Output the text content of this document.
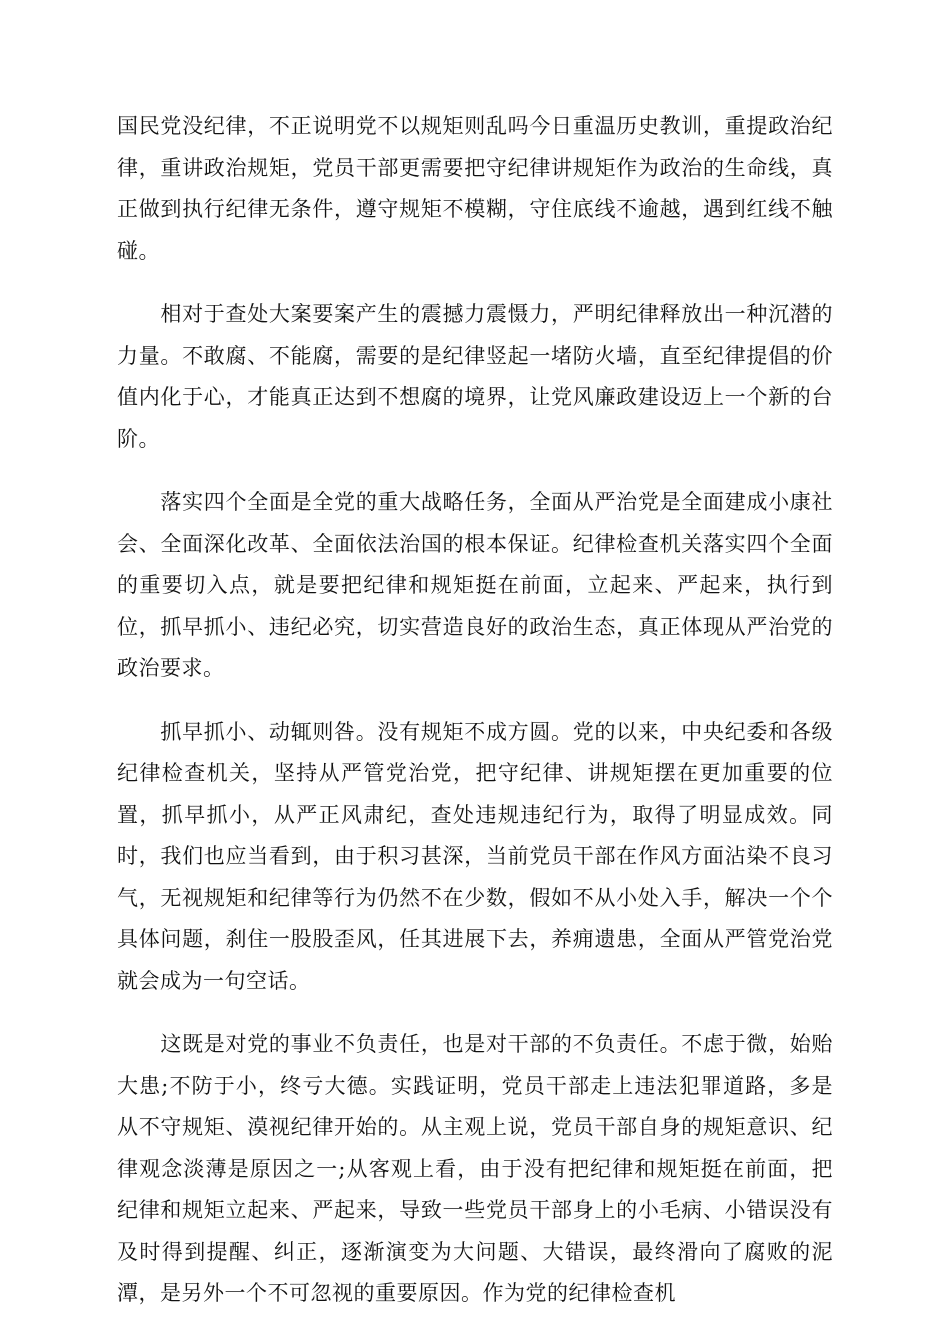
国民党没纪律，不正说明党不以规矩则乱吗今日重温历史教训，重提政治纪律，重讲政治规矩，党员干部更需要把守纪律讲规矩作为政治的生命线，真正做到执行纪律无条件，遵守规矩不模糊，守住底线不逾越，遇到红线不触碰。

　　相对于查处大案要案产生的震撼力震慑力，严明纪律释放出一种沉潜的力量。不敢腐、不能腐，需要的是纪律竖起一堵防火墙，直至纪律提倡的价值内化于心，才能真正达到不想腐的境界，让党风廉政建设迈上一个新的台阶。

　　落实四个全面是全党的重大战略任务，全面从严治党是全面建成小康社会、全面深化改革、全面依法治国的根本保证。纪律检查机关落实四个全面的重要切入点，就是要把纪律和规矩挺在前面，立起来、严起来，执行到位，抓早抓小、违纪必究，切实营造良好的政治生态，真正体现从严治党的政治要求。

　　抓早抓小、动辄则咎。没有规矩不成方圆。党的以来，中央纪委和各级纪律检查机关，坚持从严管党治党，把守纪律、讲规矩摆在更加重要的位置，抓早抓小，从严正风肃纪，查处违规违纪行为，取得了明显成效。同时，我们也应当看到，由于积习甚深，当前党员干部在作风方面沾染不良习气，无视规矩和纪律等行为仍然不在少数，假如不从小处入手，解决一个个具体问题，刹住一股股歪风，任其进展下去，养痈遗患，全面从严管党治党就会成为一句空话。

　　这既是对党的事业不负责任，也是对干部的不负责任。不虑于微，始贻大患;不防于小，终亏大德。实践证明，党员干部走上违法犯罪道路，多是从不守规矩、漠视纪律开始的。从主观上说，党员干部自身的规矩意识、纪律观念淡薄是原因之一;从客观上看，由于没有把纪律和规矩挺在前面，把纪律和规矩立起来、严起来，导致一些党员干部身上的小毛病、小错误没有及时得到提醒、纠正，逐渐演变为大问题、大错误，最终滑向了腐败的泥潭，是另外一个不可忽视的重要原因。作为党的纪律检查机
